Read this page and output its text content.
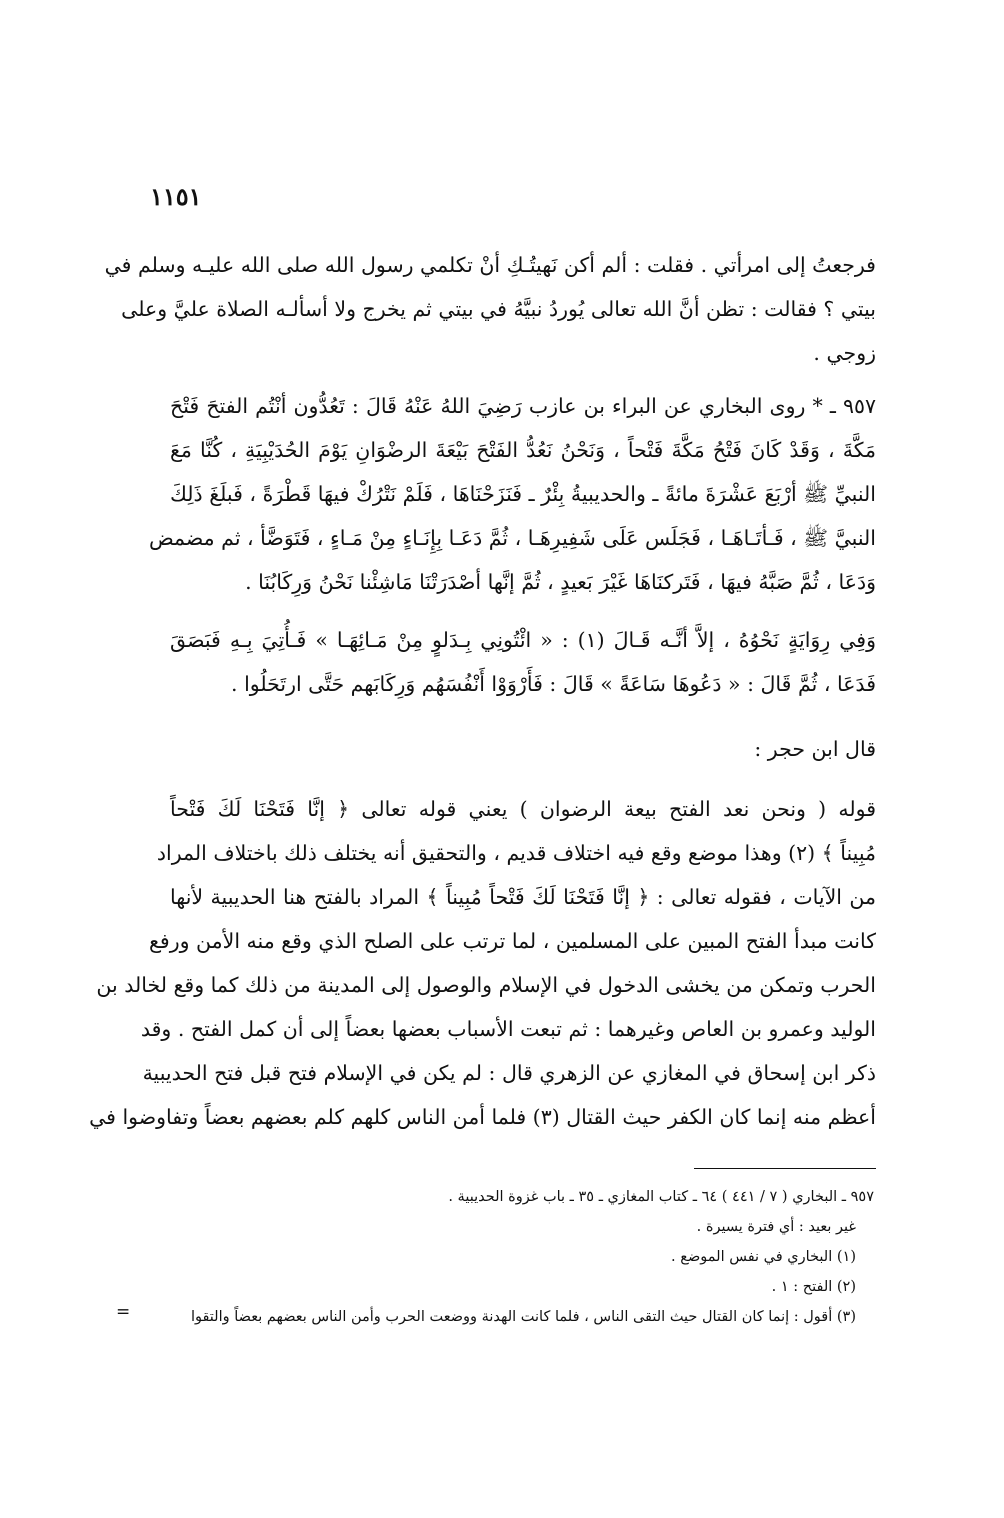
١١٥١
فرجعتُ إلى امرأتي . فقلت : ألم أكن نَهيتُـكِ أنْ تكلمي رسول الله صلى الله عليـه وسلم في
بيتي ؟ فقالت : تظن أنَّ الله تعالى يُوردُ نبيَّهُ في بيتي ثم يخرج ولا أسألـه الصلاة عليَّ وعلى
زوجي .
٩٥٧ ـ * روى البخاري عن البراء بن عازب رَضِيَ اللهُ عَنْهُ قَالَ : تَعُدُّون أنْتُم الفتحَ فَتْحَ
مَكَّةَ ، وَقَدْ كَانَ فَتْحُ مَكَّةَ فَتْحاً ، وَنَحْنُ نَعُدُّ الفَتْحَ بَيْعَةَ الرضْوَانِ يَوْمَ الحُدَيْبِيَةِ ، كُنَّا مَعَ
النبيِّ ﷺ أرْبَعَ عَشْرَةَ مائةً ـ والحديبيةُ بِئْرٌ ـ فَنَزَحْنَاهَا ، فَلَمْ نَتْرُكْ فيهَا قَطْرَةً ، فَبلَغَ ذَلِكَ
النبيَّ ﷺ ، فَـأتَـاهَـا ، فَجَلَس عَلَى شَفِيرِهَـا ، ثُمَّ دَعَـا بِإِنَـاءٍ مِنْ مَـاءٍ ، فَتَوَضَّأ ، ثم مضمض
وَدَعَا ، ثُمَّ صَبَّهُ فيهَا ، فَتَركنَاهَا غَيْرَ بَعيدٍ ، ثُمَّ إنَّها أصْدَرَتْنَا مَاشِئْنا نَحْنُ وَرِكَابُنَا .
وَفِي رِوَايَةٍ نَحْوُهُ ، إلاَّ أنَّـه قَـالَ (١) : « ائْتُونِي بِـدَلوٍ مِنْ مَـائِهَـا » فَـأُتِيَ بِـهِ فَبَصَقَ
فَدَعَا ، ثُمَّ قَالَ : « دَعُوهَا سَاعَةً » قَالَ : فَأَرْوَوْا أَنْفُسَهُم وَرِكَابَهم حَتَّى ارتَحَلُوا .
قال ابن حجر :
قوله ( ونحن نعد الفتح بيعة الرضوان ) يعني قوله تعالى ﴿ إنَّا فَتَحْنَا لَكَ فَتْحاً
مُبِيناً ﴾ (٢) وهذا موضع وقع فيه اختلاف قديم ، والتحقيق أنه يختلف ذلك باختلاف المراد
من الآيات ، فقوله تعالى : ﴿ إنَّا فَتَحْنَا لَكَ فَتْحاً مُبِيناً ﴾ المراد بالفتح هنا الحديبية لأنها
كانت مبدأ الفتح المبين على المسلمين ، لما ترتب على الصلح الذي وقع منه الأمن ورفع
الحرب وتمكن من يخشى الدخول في الإسلام والوصول إلى المدينة من ذلك كما وقع لخالد بن
الوليد وعمرو بن العاص وغيرهما : ثم تبعت الأسباب بعضها بعضاً إلى أن كمل الفتح . وقد
ذكر ابن إسحاق في المغازي عن الزهري قال : لم يكن في الإسلام فتح قبل فتح الحديبية
أعظم منه إنما كان الكفر حيث القتال (٣) فلما أمن الناس كلهم كلم بعضهم بعضاً وتفاوضوا في
٩٥٧ ـ البخاري ( ٧ / ٤٤١ ) ٦٤ ـ كتاب المغازي ـ ٣٥ ـ باب غزوة الحديبية .
غير بعيد : أي فترة يسيرة .
(١) البخاري في نفس الموضع .
(٢) الفتح : ١ .
(٣) أقول : إنما كان القتال حيث التقى الناس ، فلما كانت الهدنة ووضعت الحرب وأمن الناس بعضهم بعضاً والتقوا
=
